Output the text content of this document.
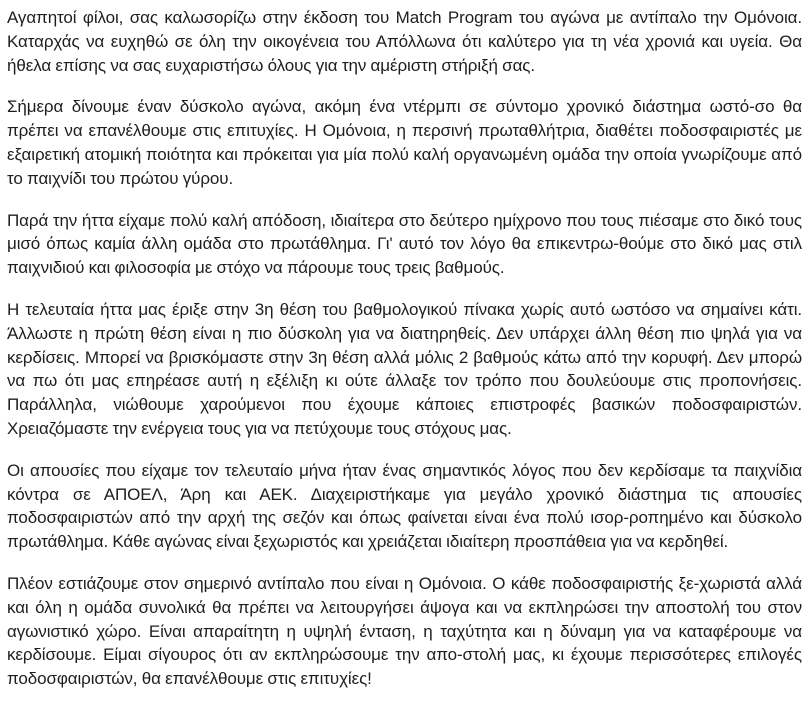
Αγαπητοί φίλοι, σας καλωσορίζω στην έκδοση του Match Program του αγώνα με αντίπαλο την Ομόνοια. Καταρχάς να ευχηθώ σε όλη την οικογένεια του Απόλλωνα ότι καλύτερο για τη νέα χρονιά και υγεία. Θα ήθελα επίσης να σας ευχαριστήσω όλους για την αμέριστη στήριξή σας.

Σήμερα δίνουμε έναν δύσκολο αγώνα, ακόμη ένα ντέρμπι σε σύντομο χρονικό διάστημα ωστό-σο θα πρέπει να επανέλθουμε στις επιτυχίες. Η Ομόνοια, η περσινή πρωταθλήτρια, διαθέτει ποδοσφαιριστές με εξαιρετική ατομική ποιότητα και πρόκειται για μία πολύ καλή οργανωμένη ομάδα την οποία γνωρίζουμε από το παιχνίδι του πρώτου γύρου.

Παρά την ήττα είχαμε πολύ καλή απόδοση, ιδιαίτερα στο δεύτερο ημίχρονο που τους πιέσαμε στο δικό τους μισό όπως καμία άλλη ομάδα στο πρωτάθλημα. Γι' αυτό τον λόγο θα επικεντρω-θούμε στο δικό μας στιλ παιχνιδιού και φιλοσοφία με στόχο να πάρουμε τους τρεις βαθμούς.

Η τελευταία ήττα μας έριξε στην 3η θέση του βαθμολογικού πίνακα χωρίς αυτό ωστόσο να σημαίνει κάτι. Άλλωστε η πρώτη θέση είναι η πιο δύσκολη για να διατηρηθείς. Δεν υπάρχει άλλη θέση πιο ψηλά για να κερδίσεις. Μπορεί να βρισκόμαστε στην 3η θέση αλλά μόλις 2 βαθμούς κάτω από την κορυφή. Δεν μπορώ να πω ότι μας επηρέασε αυτή η εξέλιξη κι ούτε άλλαξε τον τρόπο που δουλεύουμε στις προπονήσεις. Παράλληλα, νιώθουμε χαρούμενοι που έχουμε κάποιες επιστροφές βασικών ποδοσφαιριστών. Χρειαζόμαστε την ενέργεια τους για να πετύχουμε τους στόχους μας.

Οι απουσίες που είχαμε τον τελευταίο μήνα ήταν ένας σημαντικός λόγος που δεν κερδίσαμε τα παιχνίδια κόντρα σε ΑΠΟΕΛ, Άρη και ΑΕΚ. Διαχειριστήκαμε για μεγάλο χρονικό διάστημα τις απουσίες ποδοσφαιριστών από την αρχή της σεζόν και όπως φαίνεται είναι ένα πολύ ισορ-ροπημένο και δύσκολο πρωτάθλημα. Κάθε αγώνας είναι ξεχωριστός και χρειάζεται ιδιαίτερη προσπάθεια για να κερδηθεί.

Πλέον εστιάζουμε στον σημερινό αντίπαλο που είναι η Ομόνοια. Ο κάθε ποδοσφαιριστής ξε-χωριστά αλλά και όλη η ομάδα συνολικά θα πρέπει να λειτουργήσει άψογα και να εκπληρώσει την αποστολή του στον αγωνιστικό χώρο. Είναι απαραίτητη η υψηλή ένταση, η ταχύτητα και η δύναμη για να καταφέρουμε να κερδίσουμε. Είμαι σίγουρος ότι αν εκπληρώσουμε την απο-στολή μας, κι έχουμε περισσότερες επιλογές ποδοσφαιριστών, θα επανέλθουμε στις επιτυχίες!
